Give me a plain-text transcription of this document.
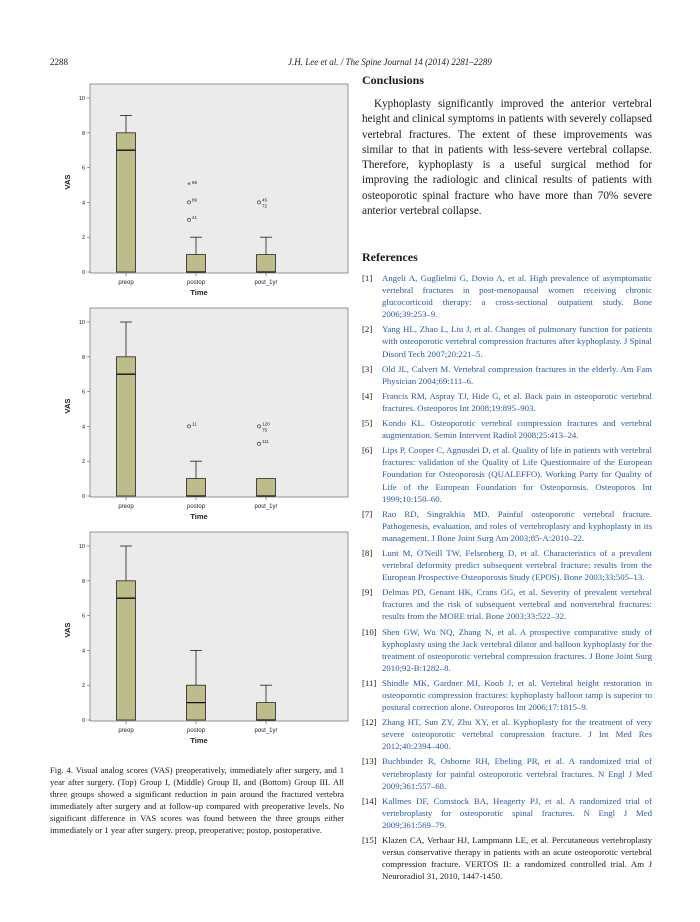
2288	J.H. Lee et al. / The Spine Journal 14 (2014) 2281–2289
0
2
4
6
8
10
VAS
preop	postop	post_1yr
Time
* 86
89
41
45
72
0
2
4
6
8
10
VAS
preop	postop	post_1yr
Time
11	120
75
111
0
2
4
6
8
10
VAS
preop	postop	post_1yr
Time

Fig. 4. Visual analog scores (VAS) preoperatively, immediately after surgery, and 1 year after surgery. (Top) Group I, (Middle) Group II, and (Bottom) Group III. All three groups showed a significant reduction in pain around the fractured vertebra immediately after surgery and at follow-up compared with preoperative levels. No significant difference in VAS scores was found between the three groups either immediately or 1 year after surgery. preop, preoperative; postop, postoperative.

Conclusions

Kyphoplasty significantly improved the anterior vertebral height and clinical symptoms in patients with severely collapsed vertebral fractures. The extent of these improvements was similar to that in patients with less-severe vertebral collapse. Therefore, kyphoplasty is a useful surgical method for improving the radiologic and clinical results of patients with osteoporotic spinal fracture who have more than 70% severe anterior vertebral collapse.

References
[1]	Angeli A, Guglielmi G, Dovio A, et al. High prevalence of asymptomatic vertebral fractures in post-menopausal women receiving chronic glucocorticoid therapy: a cross-sectional outpatient study. Bone 2006;39:253–9.
[2]	Yang HL, Zhao L, Liu J, et al. Changes of pulmonary function for patients with osteoporotic vertebral compression fractures after kyphoplasty. J Spinal Disord Tech 2007;20:221–5.
[3]	Old JL, Calvert M. Vertebral compression fractures in the elderly. Am Fam Physician 2004;69:111–6.
[4]	Francis RM, Aspray TJ, Hide G, et al. Back pain in osteoporotic vertebral fractures. Osteoporos Int 2008;19:895–903.
[5]	Kondo KL. Osteoporotic vertebral compression fractures and vertebral augmentation. Semin Intervent Radiol 2008;25:413–24.
[6]	Lips P, Cooper C, Agnusdei D, et al. Quality of life in patients with vertebral fractures: validation of the Quality of Life Questionnaire of the European Foundation for Osteoporosis (QUALEFFO). Working Party for Quality of Life of the European Foundation for Osteoporosis. Osteoporos Int 1999;10:150–60.
[7]	Rao RD, Singrakhia MD. Painful osteoporotic vertebral fracture. Pathogenesis, evaluation, and roles of vertebroplasty and kyphoplasty in its management. J Bone Joint Surg Am 2003;85-A:2010–22.
[8]	Lunt M, O'Neill TW, Felsenberg D, et al. Characteristics of a prevalent vertebral deformity predict subsequent vertebral fracture: results from the European Prospective Osteoporosis Study (EPOS). Bone 2003;33:505–13.
[9]	Delmas PD, Genant HK, Crans GG, et al. Severity of prevalent vertebral fractures and the risk of subsequent vertebral and nonvertebral fractures: results from the MORE trial. Bone 2003;33:522–32.
[10] Shen GW, Wu NQ, Zhang N, et al. A prospective comparative study of kyphoplasty using the Jack vertebral dilator and balloon kyphoplasty for the treatment of osteoporotic vertebral compression fractures. J Bone Joint Surg 2010;92-B:1282–8.
[11] Shindle MK, Gardner MJ, Koob J, et al. Vertebral height restoration in osteoporotic compression fractures: kyphoplasty balloon tamp is superior to postural correction alone. Osteoporos Int 2006;17:1815–9.
[12] Zhang HT, Sun ZY, Zhu XY, et al. Kyphoplasty for the treatment of very severe osteoporotic vertebral compression fracture. J Int Med Res 2012;40:2394–400.
[13] Buchbinder R, Osborne RH, Ebeling PR, et al. A randomized trial of vertebroplasty for painful osteoporotic vertebral fractures. N Engl J Med 2009;361:557–68.
[14] Kallmes DF, Comstock BA, Heagerty PJ, et al. A randomized trial of vertebroplasty for osteoporotic spinal fractures. N Engl J Med 2009;361:569–79.
[15] Klazen CA, Verhaar HJ, Lampmann LE, et al. Percutaneous vertebroplasty versus conservative therapy in patients with an acute osteoporotic vertebral compression fracture. VERTOS II: a randomized controlled trial. Am J Neuroradiol 31, 2010, 1447-1450.
